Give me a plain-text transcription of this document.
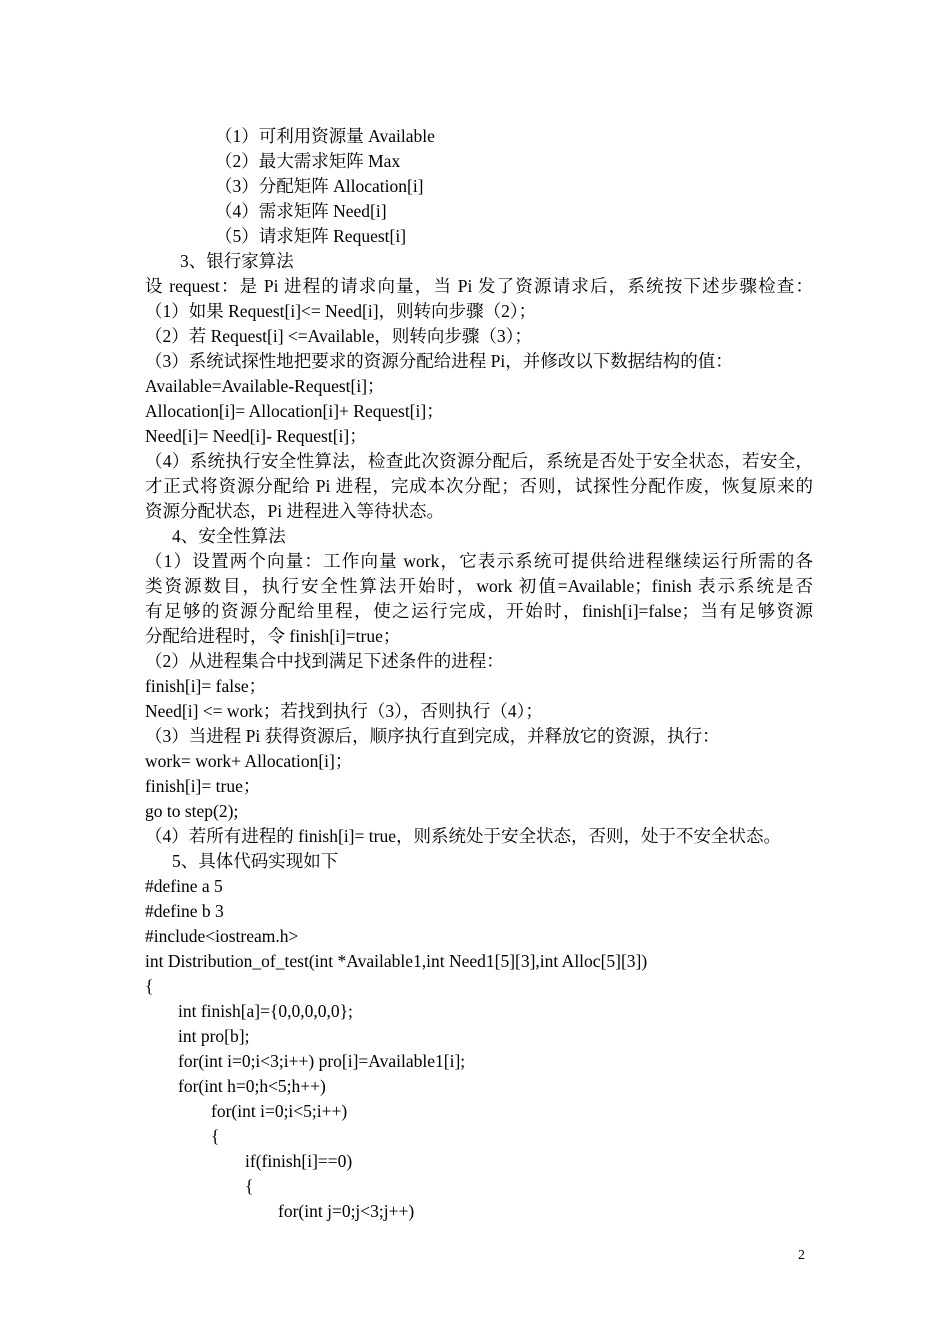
（1）可利用资源量 Available
（2）最大需求矩阵 Max
（3）分配矩阵 Allocation[i]
（4）需求矩阵 Need[i]
（5）请求矩阵 Request[i]
3、银行家算法
设 request：是 Pi 进程的请求向量，当 Pi 发了资源请求后，系统按下述步骤检查：
（1）如果 Request[i]<= Need[i]，则转向步骤（2）；
（2）若 Request[i] <=Available，则转向步骤（3）；
（3）系统试探性地把要求的资源分配给进程 Pi，并修改以下数据结构的值：
Available=Available-Request[i]；
Allocation[i]= Allocation[i]+ Request[i]；
Need[i]= Need[i]- Request[i]；
（4）系统执行安全性算法，检查此次资源分配后，系统是否处于安全状态，若安全，
才正式将资源分配给 Pi 进程，完成本次分配；否则，试探性分配作废，恢复原来的
资源分配状态，Pi 进程进入等待状态。
4、安全性算法
（1）设置两个向量：工作向量 work，它表示系统可提供给进程继续运行所需的各
类资源数目，执行安全性算法开始时，work 初值=Available；finish 表示系统是否
有足够的资源分配给里程，使之运行完成，开始时，finish[i]=false；当有足够资源
分配给进程时，令 finish[i]=true；
（2）从进程集合中找到满足下述条件的进程：
finish[i]= false；
Need[i] <= work；若找到执行（3），否则执行（4）；
（3）当进程 Pi 获得资源后，顺序执行直到完成，并释放它的资源，执行：
work= work+ Allocation[i]；
finish[i]= true；
go to step(2);
（4）若所有进程的 finish[i]= true，则系统处于安全状态，否则，处于不安全状态。
5、具体代码实现如下
#define a 5
#define b 3
#include<iostream.h>
int Distribution_of_test(int *Available1,int Need1[5][3],int Alloc[5][3])
{
int finish[a]={0,0,0,0,0};
int pro[b];
for(int i=0;i<3;i++) pro[i]=Available1[i];
for(int h=0;h<5;h++)
for(int i=0;i<5;i++)
{
if(finish[i]==0)
{
for(int j=0;j<3;j++)
2
